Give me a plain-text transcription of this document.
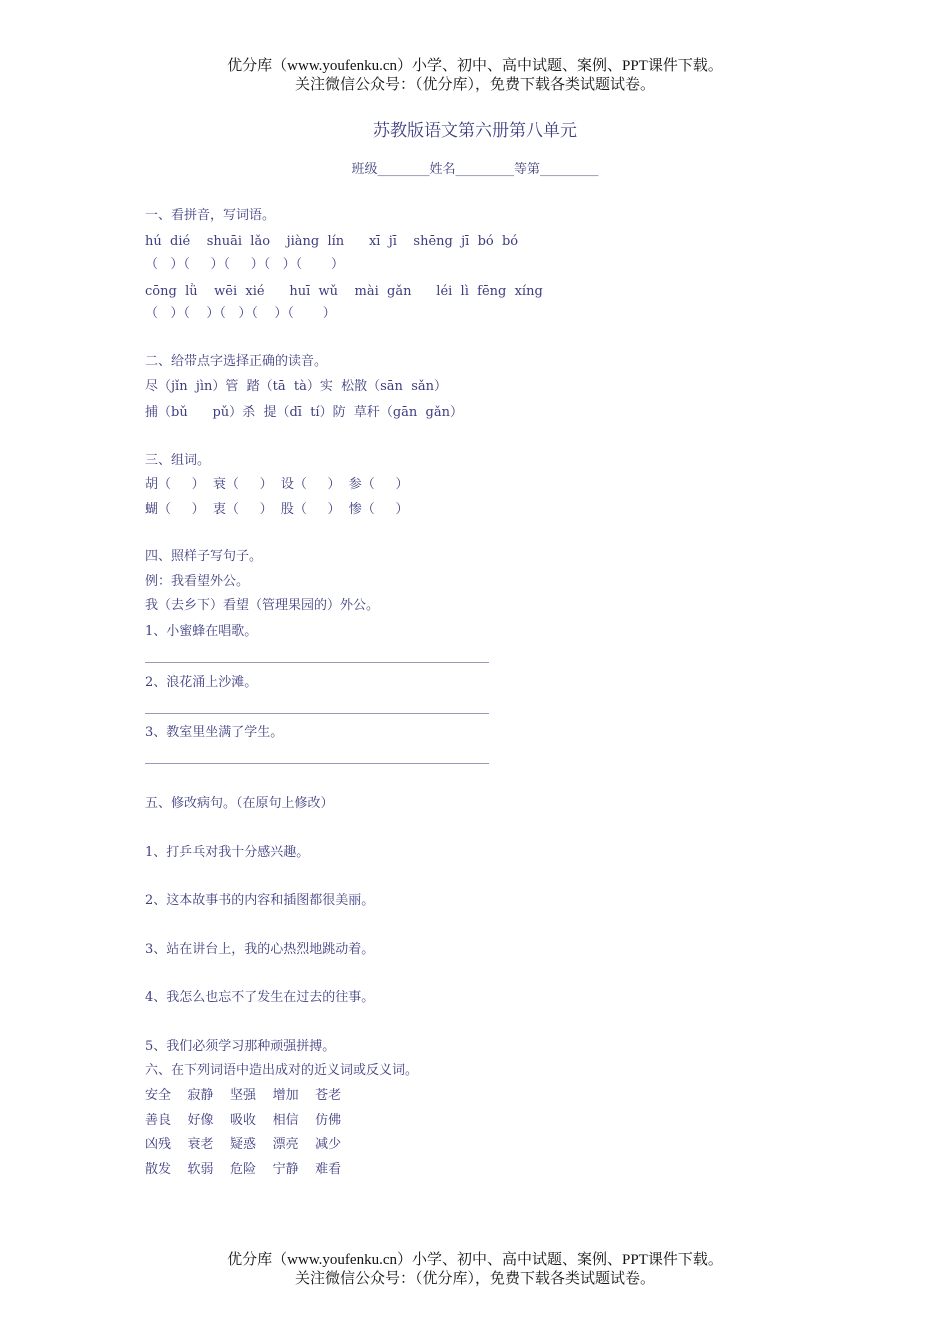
优分库（www.youfenku.cn）小学、初中、高中试题、案例、PPT课件下载。
关注微信公众号：（优分库），免费下载各类试题试卷。
苏教版语文第六册第八单元
班级________姓名_________等第_________
一、看拼音，写词语。
hú  dié    shuāi  lǎo    jiàng  lín      xī  jī    shēng  jī  bó  bó
（   ）（     ）（     ）（   ）（       ）
cōng  lǜ    wēi  xié      huī  wǔ    mài  gǎn      léi  lì  fēng  xíng
（   ）（    ）（   ）（    ）（       ）
二、给带点字选择正确的读音。
尽（jǐn  jìn）管  踏（tā  tà）实  松散（sān  sǎn）
捕（bǔ      pǔ）杀  提（dī  tí）防  草秆（gān  gǎn）
三、组词。
胡（     ）  衰（     ）  设（     ）  参（     ）
蝴（     ）  衷（     ）  股（     ）  惨（     ）
四、照样子写句子。
例：我看望外公。
我（去乡下）看望（管理果园的）外公。
1、小蜜蜂在唱歌。
2、浪花涌上沙滩。
3、教室里坐满了学生。
五、修改病句。（在原句上修改）
1、打乒乓对我十分感兴趣。
2、这本故事书的内容和插图都很美丽。
3、站在讲台上，我的心热烈地跳动着。
4、我怎么也忘不了发生在过去的往事。
5、我们必须学习那种顽强拼搏。
六、在下列词语中造出成对的近义词或反义词。
安全    寂静    坚强    增加    苍老
善良    好像    吸收    相信    仿佛
凶残    衰老    疑惑    漂亮    减少
散发    软弱    危险    宁静    难看
优分库（www.youfenku.cn）小学、初中、高中试题、案例、PPT课件下载。
关注微信公众号：（优分库），免费下载各类试题试卷。
